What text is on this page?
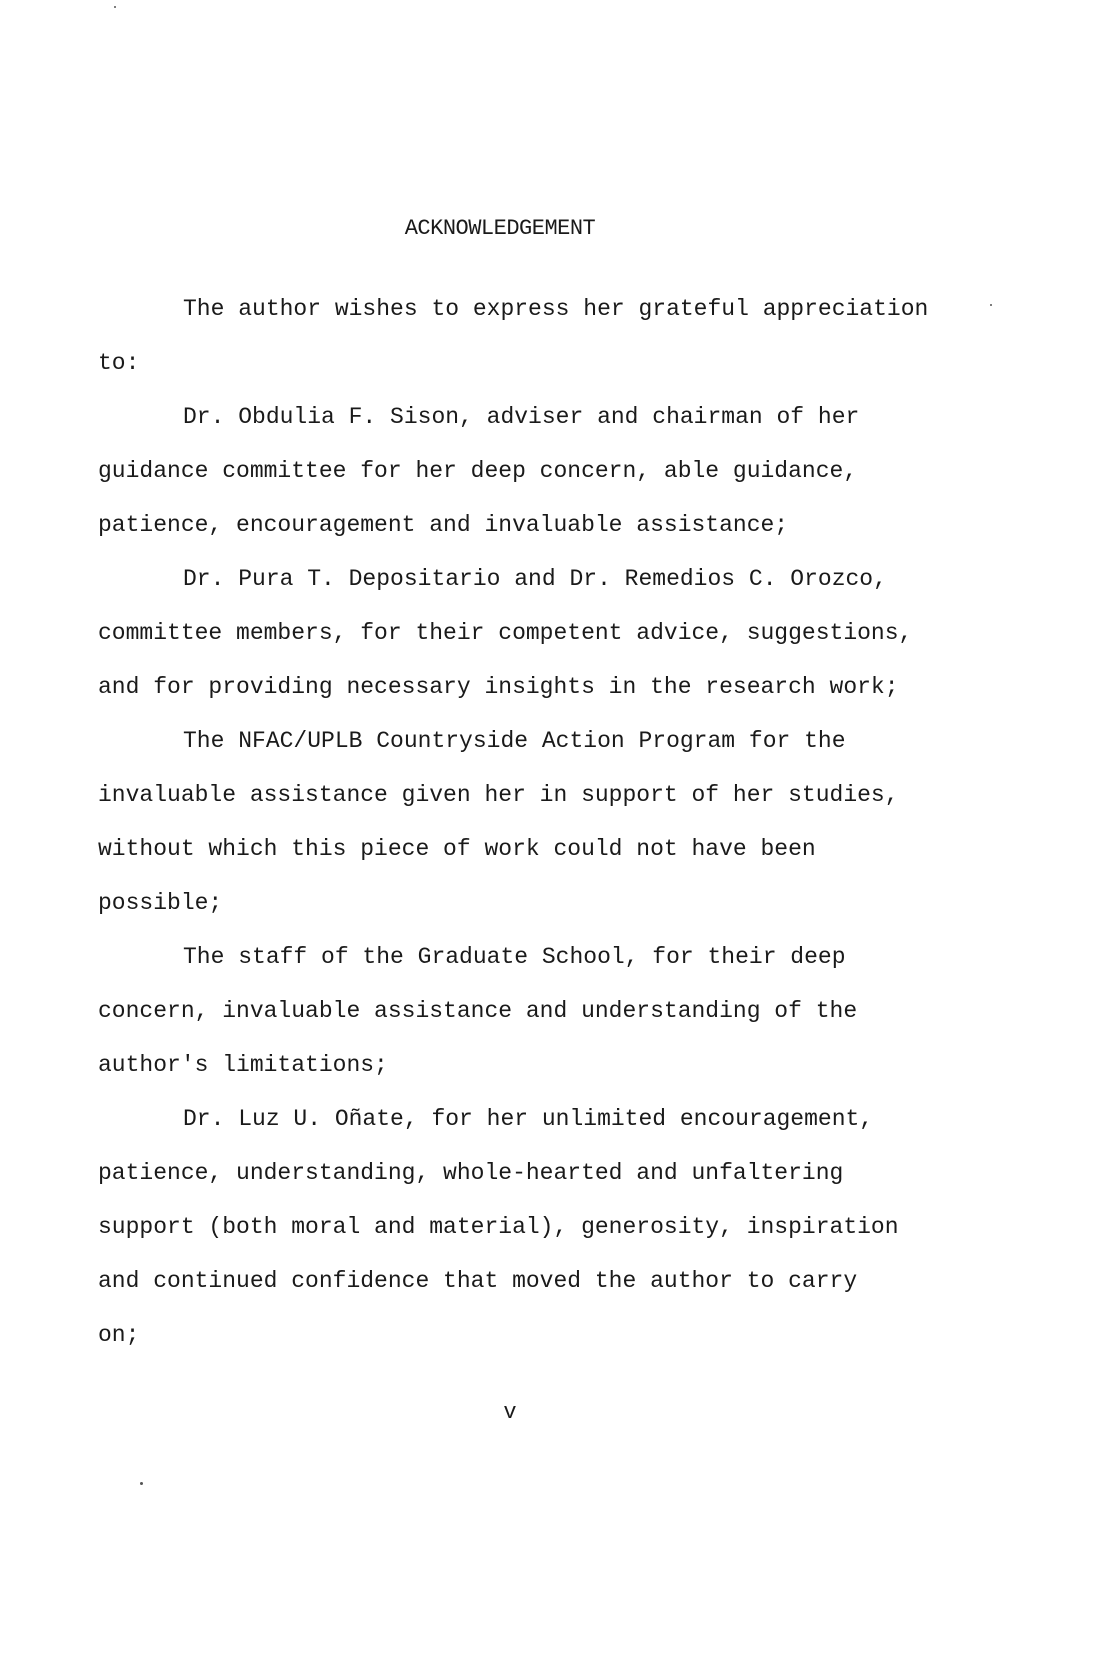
ACKNOWLEDGEMENT
The author wishes to express her grateful appreciation
to:
Dr. Obdulia F. Sison, adviser and chairman of her
guidance committee for her deep concern, able guidance,
patience, encouragement and invaluable assistance;
Dr. Pura T. Depositario and Dr. Remedios C. Orozco,
committee members, for their competent advice, suggestions,
and for providing necessary insights in the research work;
The NFAC/UPLB Countryside Action Program for the
invaluable assistance given her in support of her studies,
without which this piece of work could not have been
possible;
The staff of the Graduate School, for their deep
concern, invaluable assistance and understanding of the
author's limitations;
Dr. Luz U. Oñate, for her unlimited encouragement,
patience, understanding, whole-hearted and unfaltering
support (both moral and material), generosity, inspiration
and continued confidence that moved the author to carry
on;
v
